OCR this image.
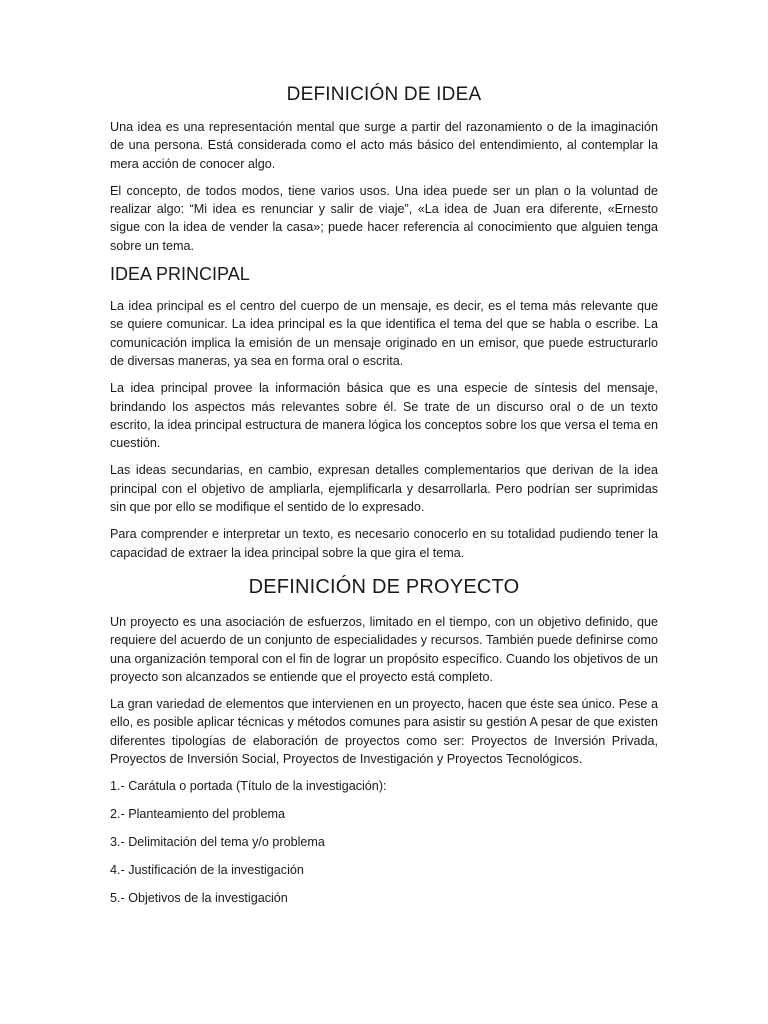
DEFINICIÓN DE IDEA

Una idea es una representación mental que surge a partir del razonamiento o de la imaginación de una persona. Está considerada como el acto más básico del entendimiento, al contemplar la mera acción de conocer algo.

El concepto, de todos modos, tiene varios usos. Una idea puede ser un plan o la voluntad de realizar algo: “Mi idea es renunciar y salir de viaje”, «La idea de Juan era diferente, «Ernesto sigue con la idea de vender la casa»; puede hacer referencia al conocimiento que alguien tenga sobre un tema.

IDEA PRINCIPAL

La idea principal es el centro del cuerpo de un mensaje, es decir, es el tema más relevante que se quiere comunicar. La idea principal es la que identifica el tema del que se habla o escribe. La comunicación implica la emisión de un mensaje originado en un emisor, que puede estructurarlo de diversas maneras, ya sea en forma oral o escrita.

La idea principal provee la información básica que es una especie de síntesis del mensaje, brindando los aspectos más relevantes sobre él. Se trate de un discurso oral o de un texto escrito, la idea principal estructura de manera lógica los conceptos sobre los que versa el tema en cuestión.

Las ideas secundarias, en cambio, expresan detalles complementarios que derivan de la idea principal con el objetivo de ampliarla, ejemplificarla y desarrollarla. Pero podrían ser suprimidas sin que por ello se modifique el sentido de lo expresado.

Para comprender e interpretar un texto, es necesario conocerlo en su totalidad pudiendo tener la capacidad de extraer la idea principal sobre la que gira el tema.

DEFINICIÓN DE PROYECTO

Un proyecto es una asociación de esfuerzos, limitado en el tiempo, con un objetivo definido, que requiere del acuerdo de un conjunto de especialidades y recursos. También puede definirse como una organización temporal con el fin de lograr un propósito específico. Cuando los objetivos de un proyecto son alcanzados se entiende que el proyecto está completo.

La gran variedad de elementos que intervienen en un proyecto, hacen que éste sea único. Pese a ello, es posible aplicar técnicas y métodos comunes para asistir su gestión A pesar de que existen diferentes tipologías de elaboración de proyectos como ser: Proyectos de Inversión Privada, Proyectos de Inversión Social, Proyectos de Investigación y Proyectos Tecnológicos.

1.- Carátula o portada (Título de la investigación):
2.- Planteamiento del problema
3.- Delimitación del tema y/o problema
4.- Justificación de la investigación
5.- Objetivos de la investigación
